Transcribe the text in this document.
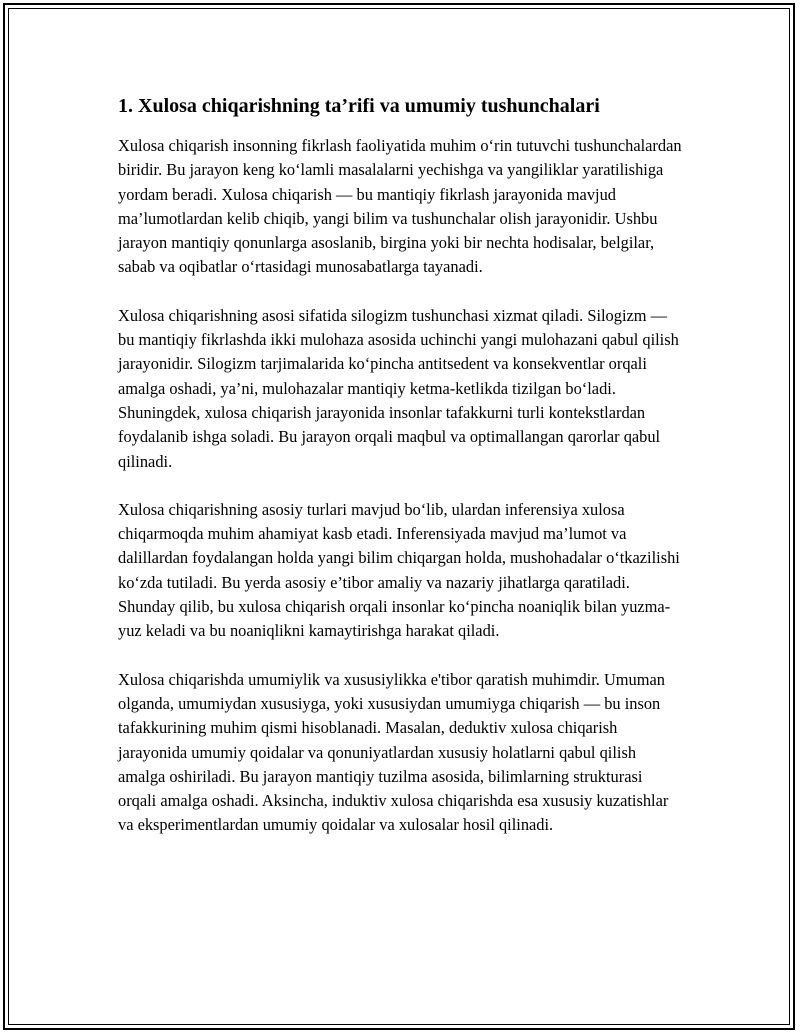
1. Xulosa chiqarishning ta’rifi va umumiy tushunchalari

Xulosa chiqarish insonning fikrlash faoliyatida muhim o‘rin tutuvchi tushunchalardan biridir. Bu jarayon keng ko‘lamli masalalarni yechishga va yangiliklar yaratilishiga yordam beradi. Xulosa chiqarish — bu mantiqiy fikrlash jarayonida mavjud ma’lumotlardan kelib chiqib, yangi bilim va tushunchalar olish jarayonidir. Ushbu jarayon mantiqiy qonunlarga asoslanib, birgina yoki bir nechta hodisalar, belgilar, sabab va oqibatlar o‘rtasidagi munosabatlarga tayanadi.

Xulosa chiqarishning asosi sifatida silogizm tushunchasi xizmat qiladi. Silogizm — bu mantiqiy fikrlashda ikki mulohaza asosida uchinchi yangi mulohazani qabul qilish jarayonidir. Silogizm tarjimalarida ko‘pincha antitsedent va konsekventlar orqali amalga oshadi, ya’ni, mulohazalar mantiqiy ketma-ketlikda tizilgan bo‘ladi. Shuningdek, xulosa chiqarish jarayonida insonlar tafakkurni turli kontekstlardan foydalanib ishga soladi. Bu jarayon orqali maqbul va optimallangan qarorlar qabul qilinadi.

Xulosa chiqarishning asosiy turlari mavjud bo‘lib, ulardan inferensiya xulosa chiqarmoqda muhim ahamiyat kasb etadi. Inferensiyada mavjud ma’lumot va dalillardan foydalangan holda yangi bilim chiqargan holda, mushohadalar o‘tkazilishi ko‘zda tutiladi. Bu yerda asosiy e’tibor amaliy va nazariy jihatlarga qaratiladi. Shunday qilib, bu xulosa chiqarish orqali insonlar ko‘pincha noaniqlik bilan yuzma-yuz keladi va bu noaniqlikni kamaytirishga harakat qiladi.

Xulosa chiqarishda umumiylik va xususiylikka e'tibor qaratish muhimdir. Umuman olganda, umumiydan xususiyga, yoki xususiydan umumiyga chiqarish — bu inson tafakkurining muhim qismi hisoblanadi. Masalan, deduktiv xulosa chiqarish jarayonida umumiy qoidalar va qonuniyatlardan xususiy holatlarni qabul qilish amalga oshiriladi. Bu jarayon mantiqiy tuzilma asosida, bilimlarning strukturasi orqali amalga oshadi. Aksincha, induktiv xulosa chiqarishda esa xususiy kuzatishlar va eksperimentlardan umumiy qoidalar va xulosalar hosil qilinadi.
